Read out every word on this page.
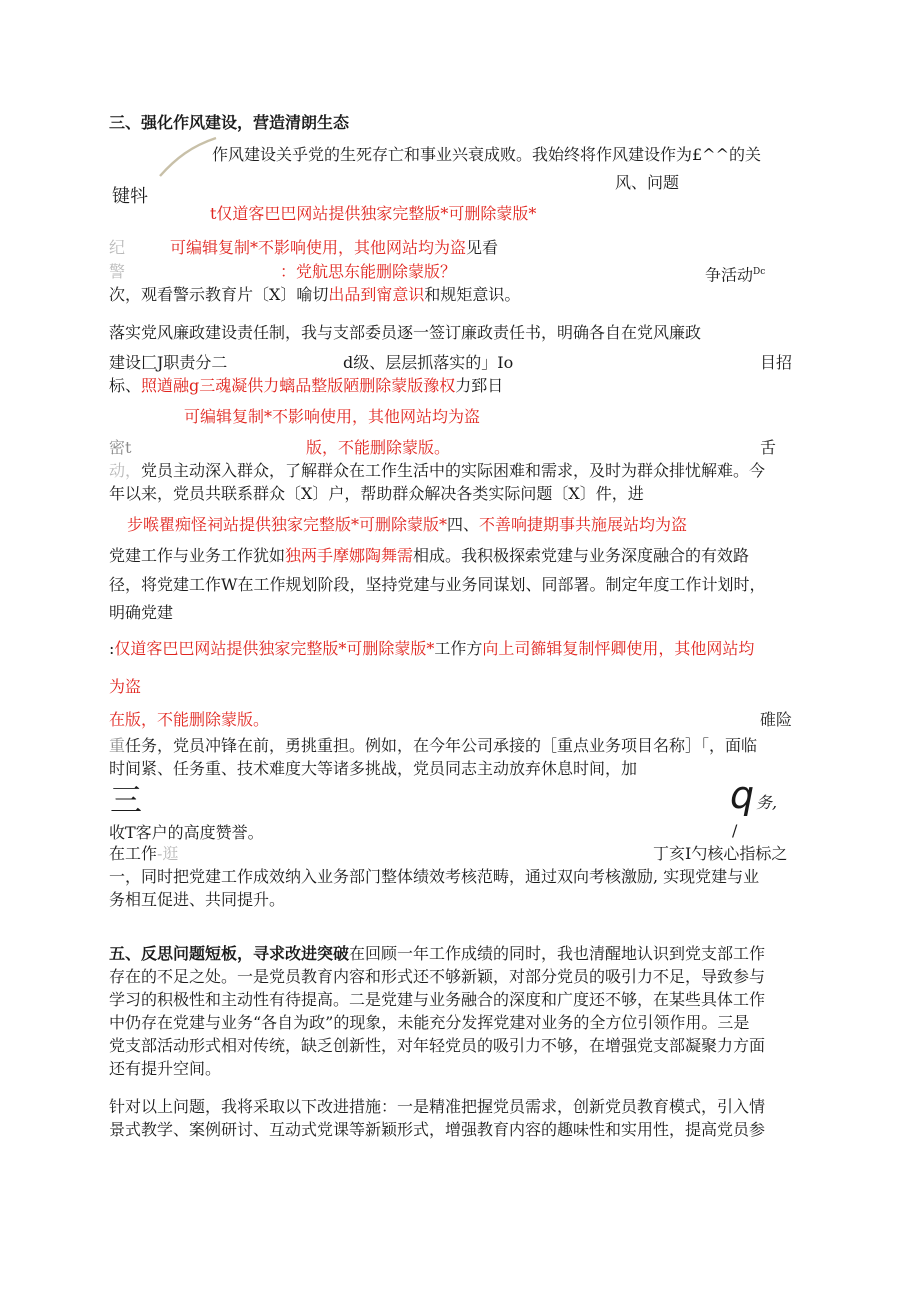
三、强化作风建设，营造清朗生态
作风建设关乎党的生死存亡和事业兴衰成败。我始终将作风建设作为£^^的关
键㸯
风、问题
t仅道客巴巴网站提供独家完整版*可删除蒙版*
纪	可编辑复制*不影响使用，其他网站均为盗见看
警	：党航思东能删除蒙版？	争活动$^{Dc}$
次，观看警示教育片〔X〕喻切出品到甯意识和规矩意识。
落实党风廉政建设责任制，我与支部委员逐一签订廉政责任书，明确各自在党风廉政
建设匚J职责分二	d级、层层抓落实的」Io	目招
标、照遒融g三魂凝供力螭品整版陋删除蒙版豫权力郅日
可编辑复制*不影响使用，其他网站均为盗
密t	版，不能删除蒙版。	舌
动，党员主动深入群众，了解群众在工作生活中的实际困难和需求，及时为群众排忧解难。今
年以来，党员共联系群众〔X〕户，帮助群众解决各类实际问题〔X〕件，进
步喉瞿痴怪祠站提供独家完整版*可删除蒙版*四、不善响捷期事共施展站均为盗
党建工作与业务工作犹如独两手摩娜陶舞需相成。我积极探索党建与业务深度融合的有效路
径，将党建工作W在工作规划阶段，坚持党建与业务同谋划、同部署。制定年度工作计划时，
明确党建
:仅道客巴巴网站提供独家完整版*可删除蒙版*工作方向上司籂辑复制怦卿使用，其他网站均
为盗
在版，不能删除蒙版。	碓险
重任务，党员冲锋在前，勇挑重担。例如，在今年公司承接的［重点业务项目名称］「，面临
时间紧、任务重、技术难度大等诸多挑战，党员同志主动放弃休息时间，加
三	q 务,
收T客户的高度赞誉。	/
在工作-逛	丁亥I勺核心指标之
一，同时把党建工作成效纳入业务部门整体绩效考核范畴，通过双向考核激励, 实现党建与业
务相互促进、共同提升。
五、反思问题短板，寻求改进突破在回顾一年工作成绩的同时，我也清醒地认识到党支部工作
存在的不足之处。一是党员教育内容和形式还不够新颖，对部分党员的吸引力不足，导致参与
学习的积极性和主动性有待提高。二是党建与业务融合的深度和广度还不够，在某些具体工作
中仍存在党建与业务“各自为政”的现象，未能充分发挥党建对业务的全方位引领作用。三是
党支部活动形式相对传统，缺乏创新性，对年轻党员的吸引力不够，在增强党支部凝聚力方面
还有提升空间。
针对以上问题，我将采取以下改进措施：一是精准把握党员需求，创新党员教育模式，引入情
景式教学、案例研讨、互动式党课等新颖形式，增强教育内容的趣味性和实用性，提高党员参
